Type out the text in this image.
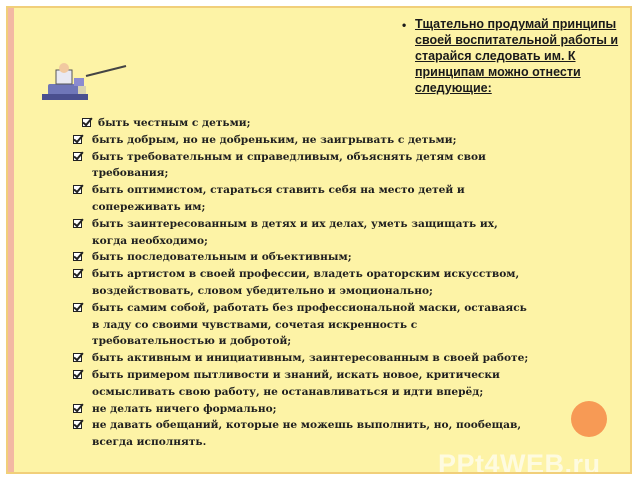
• Тщательно продумай принципы своей воспитательной работы и старайся следовать им. К принципам можно отнести следующие:

быть честным с детьми;
быть добрым, но не добреньким, не заигрывать с детьми;
быть требовательным и справедливым, объяснять детям свои
требования;
быть оптимистом, стараться ставить себя на место детей и
сопереживать им;
быть заинтересованным в детях и их делах, уметь защищать их,
когда необходимо;
быть последовательным и объективным;
быть артистом в своей профессии, владеть ораторским искусством,
воздействовать, словом убедительно и эмоционально;
быть самим собой, работать без профессиональной маски, оставаясь
в ладу со своими чувствами, сочетая искренность с
требовательностью и добротой;
быть активным и инициативным, заинтересованным в своей работе;
быть примером пытливости и знаний, искать новое, критически
осмысливать свою работу, не останавливаться и идти вперёд;
не делать ничего формально;
не давать обещаний, которые не можешь выполнить, но, пообещав,
всегда исполнять.
PPt4WEB.ru
